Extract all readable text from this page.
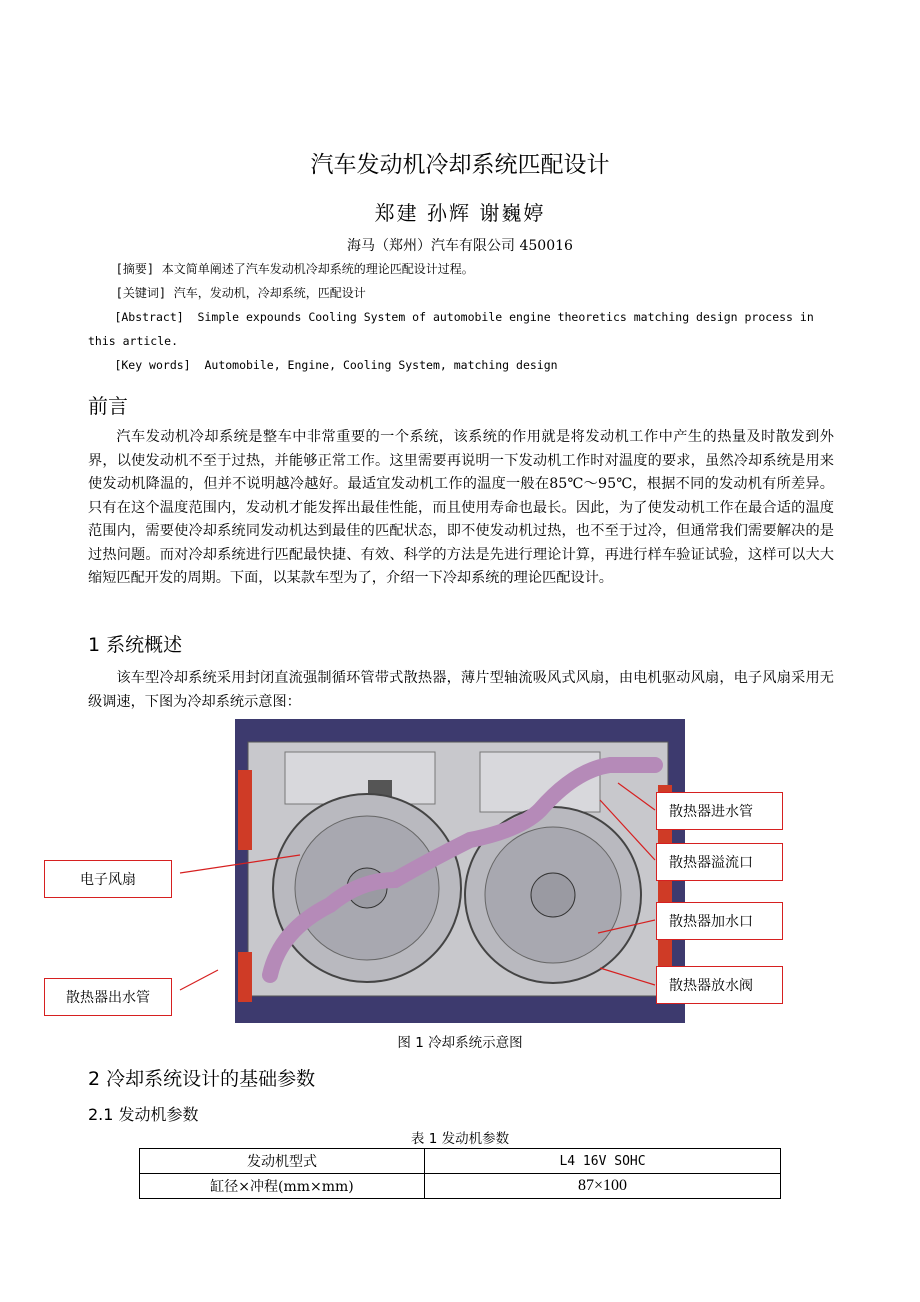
汽车发动机冷却系统匹配设计
郑建 孙辉 谢巍婷
海马（郑州）汽车有限公司 450016
[摘要] 本文简单阐述了汽车发动机冷却系统的理论匹配设计过程。
[关键词] 汽车，发动机，冷却系统，匹配设计
[Abstract] Simple expounds Cooling System of automobile engine theoretics matching design process in this article.
[Key words] Automobile, Engine, Cooling System, matching design
前言
汽车发动机冷却系统是整车中非常重要的一个系统，该系统的作用就是将发动机工作中产生的热量及时散发到外界，以使发动机不至于过热，并能够正常工作。这里需要再说明一下发动机工作时对温度的要求，虽然冷却系统是用来使发动机降温的，但并不说明越冷越好。最适宜发动机工作的温度一般在85℃～95℃，根据不同的发动机有所差异。只有在这个温度范围内，发动机才能发挥出最佳性能，而且使用寿命也最长。因此，为了使发动机工作在最合适的温度范围内，需要使冷却系统同发动机达到最佳的匹配状态，即不使发动机过热，也不至于过冷，但通常我们需要解决的是过热问题。而对冷却系统进行匹配最快捷、有效、科学的方法是先进行理论计算，再进行样车验证试验，这样可以大大缩短匹配开发的周期。下面，以某款车型为了，介绍一下冷却系统的理论匹配设计。
1 系统概述
该车型冷却系统采用封闭直流强制循环管带式散热器，薄片型轴流吸风式风扇，由电机驱动风扇，电子风扇采用无级调速，下图为冷却系统示意图：
电子风扇
散热器出水管
散热器进水管
散热器溢流口
散热器加水口
散热器放水阀
图 1 冷却系统示意图
2 冷却系统设计的基础参数
2.1 发动机参数
表 1 发动机参数
发动机型式	L4 16V SOHC
缸径×冲程(mm×mm)	87×100
